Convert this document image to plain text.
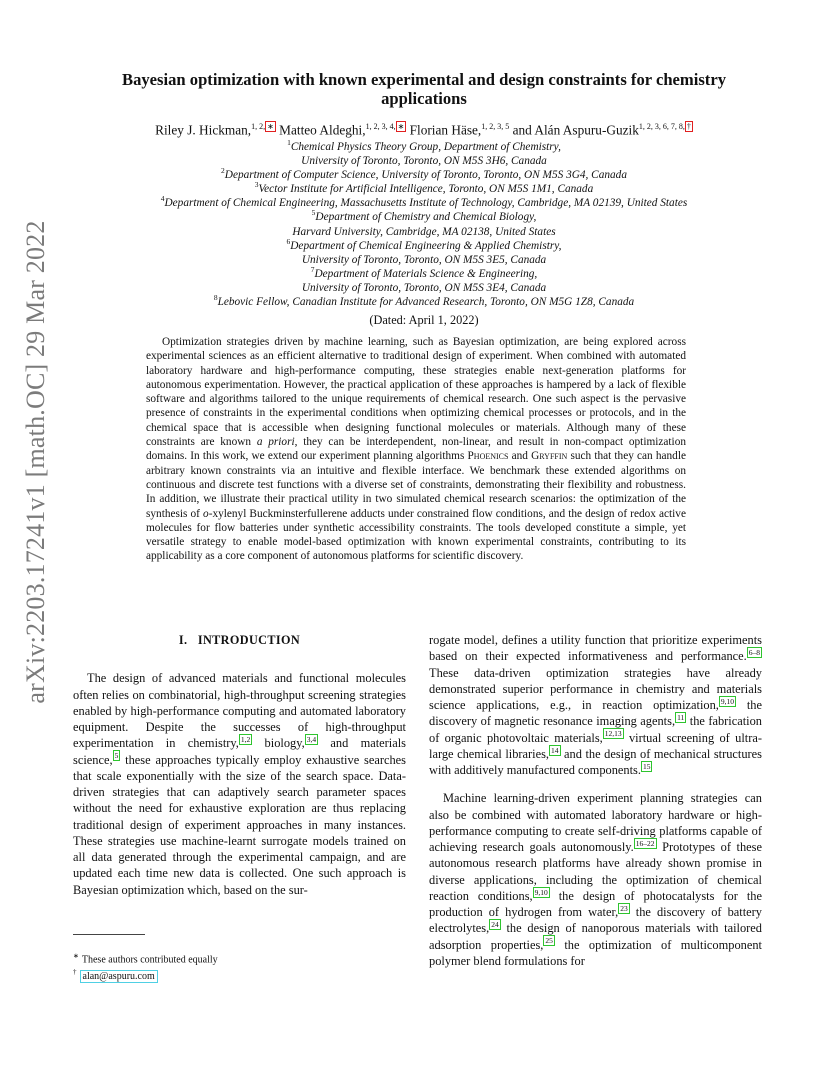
arXiv:2203.17241v1 [math.OC] 29 Mar 2022
Bayesian optimization with known experimental and design constraints for chemistry applications
Riley J. Hickman,$^{1, 2,}$ ∗ Matteo Aldeghi,$^{1, 2, 3, 4,}$ ∗ Florian Häse,$^{1, 2, 3, 5}$ and Alán Aspuru-Guzik$^{1, 2, 3, 6, 7, 8,}$ †
$^1$Chemical Physics Theory Group, Department of Chemistry,
University of Toronto, Toronto, ON M5S 3H6, Canada
$^2$Department of Computer Science, University of Toronto, Toronto, ON M5S 3G4, Canada
$^3$Vector Institute for Artificial Intelligence, Toronto, ON M5S 1M1, Canada
$^4$Department of Chemical Engineering, Massachusetts Institute of Technology, Cambridge, MA 02139, United States
$^5$Department of Chemistry and Chemical Biology,
Harvard University, Cambridge, MA 02138, United States
$^6$Department of Chemical Engineering & Applied Chemistry,
University of Toronto, Toronto, ON M5S 3E5, Canada
$^7$Department of Materials Science & Engineering,
University of Toronto, Toronto, ON M5S 3E4, Canada
$^8$Lebovic Fellow, Canadian Institute for Advanced Research, Toronto, ON M5G 1Z8, Canada
(Dated: April 1, 2022)
Optimization strategies driven by machine learning, such as Bayesian optimization, are being explored across experimental sciences as an efficient alternative to traditional design of experiment. When combined with automated laboratory hardware and high-performance computing, these strategies enable next-generation platforms for autonomous experimentation. However, the practical application of these approaches is hampered by a lack of flexible software and algorithms tailored to the unique requirements of chemical research. One such aspect is the pervasive presence of constraints in the experimental conditions when optimizing chemical processes or protocols, and in the chemical space that is accessible when designing functional molecules or materials. Although many of these constraints are known a priori, they can be interdependent, non-linear, and result in non-compact optimization domains. In this work, we extend our experiment planning algorithms Phoenics and Gryffin such that they can handle arbitrary known constraints via an intuitive and flexible interface. We benchmark these extended algorithms on continuous and discrete test functions with a diverse set of constraints, demonstrating their flexibility and robustness. In addition, we illustrate their practical utility in two simulated chemical research scenarios: the optimization of the synthesis of o-xylenyl Buckminsterfullerene adducts under constrained flow conditions, and the design of redox active molecules for flow batteries under synthetic accessibility constraints. The tools developed constitute a simple, yet versatile strategy to enable model-based optimization with known experimental constraints, contributing to its applicability as a core component of autonomous platforms for scientific discovery.
I. INTRODUCTION

The design of advanced materials and functional molecules often relies on combinatorial, high-throughput screening strategies enabled by high-performance computing and automated laboratory equipment. Despite the successes of high-throughput experimentation in chemistry, $^{1,2}$ biology, $^{3,4}$ and materials science, $^5$ these approaches typically employ exhaustive searches that scale exponentially with the size of the search space. Data-driven strategies that can adaptively search parameter spaces without the need for exhaustive exploration are thus replacing traditional design of experiment approaches in many instances. These strategies use machine-learnt surrogate models trained on all data generated through the experimental campaign, and are updated each time new data is collected. One such approach is Bayesian optimization which, based on the sur-

rogate model, defines a utility function that prioritize experiments based on their expected informativeness and performance. $^{6-8}$ These data-driven optimization strategies have already demonstrated superior performance in chemistry and materials science applications, e.g., in reaction optimization, $^{9,10}$ the discovery of magnetic resonance imaging agents, $^{11}$ the fabrication of organic photovoltaic materials, $^{12,13}$ virtual screening of ultra-large chemical libraries, $^{14}$ and the design of mechanical structures with additively manufactured components. $^{15}$

Machine learning-driven experiment planning strategies can also be combined with automated laboratory hardware or high-performance computing to create self-driving platforms capable of achieving research goals autonomously. $^{16-22}$ Prototypes of these autonomous research platforms have already shown promise in diverse applications, including the optimization of chemical reaction conditions, $^{9,10}$ the design of photocatalysts for the production of hydrogen from water, $^{23}$ the discovery of battery electrolytes, $^{24}$ the design of nanoporous materials with tailored adsorption properties, $^{25}$ the optimization of multicomponent polymer blend formulations for

∗ These authors contributed equally
† alan@aspuru.com
